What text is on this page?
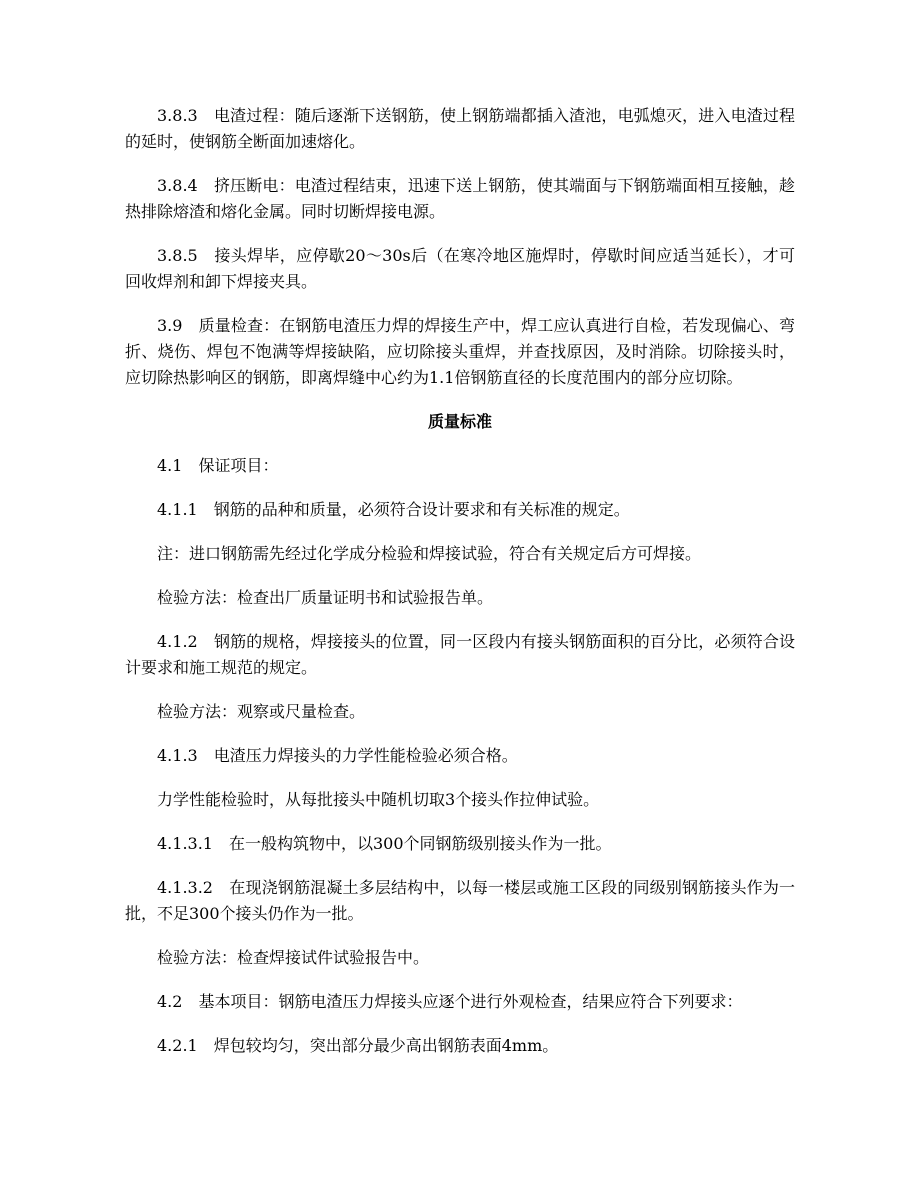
3.8.3　电渣过程：随后逐渐下送钢筋，使上钢筋端都插入渣池，电弧熄灭，进入电渣过程的延时，使钢筋全断面加速熔化。

3.8.4　挤压断电：电渣过程结束，迅速下送上钢筋，使其端面与下钢筋端面相互接触，趁热排除熔渣和熔化金属。同时切断焊接电源。

3.8.5　接头焊毕，应停歇20～30s后（在寒冷地区施焊时，停歇时间应适当延长），才可回收焊剂和卸下焊接夹具。

3.9　质量检查：在钢筋电渣压力焊的焊接生产中，焊工应认真进行自检，若发现偏心、弯折、烧伤、焊包不饱满等焊接缺陷，应切除接头重焊，并查找原因，及时消除。切除接头时，应切除热影响区的钢筋，即离焊缝中心约为1.1倍钢筋直径的长度范围内的部分应切除。

质量标准

4.1　保证项目：

4.1.1　钢筋的品种和质量，必须符合设计要求和有关标准的规定。

注：进口钢筋需先经过化学成分检验和焊接试验，符合有关规定后方可焊接。

检验方法：检查出厂质量证明书和试验报告单。

4.1.2　钢筋的规格，焊接接头的位置，同一区段内有接头钢筋面积的百分比，必须符合设计要求和施工规范的规定。

检验方法：观察或尺量检查。

4.1.3　电渣压力焊接头的力学性能检验必须合格。

力学性能检验时，从每批接头中随机切取3个接头作拉伸试验。

4.1.3.1　在一般构筑物中，以300个同钢筋级别接头作为一批。

4.1.3.2　在现浇钢筋混凝土多层结构中，以每一楼层或施工区段的同级别钢筋接头作为一批，不足300个接头仍作为一批。

检验方法：检查焊接试件试验报告中。

4.2　基本项目：钢筋电渣压力焊接头应逐个进行外观检查，结果应符合下列要求：

4.2.1　焊包较均匀，突出部分最少高出钢筋表面4mm。
